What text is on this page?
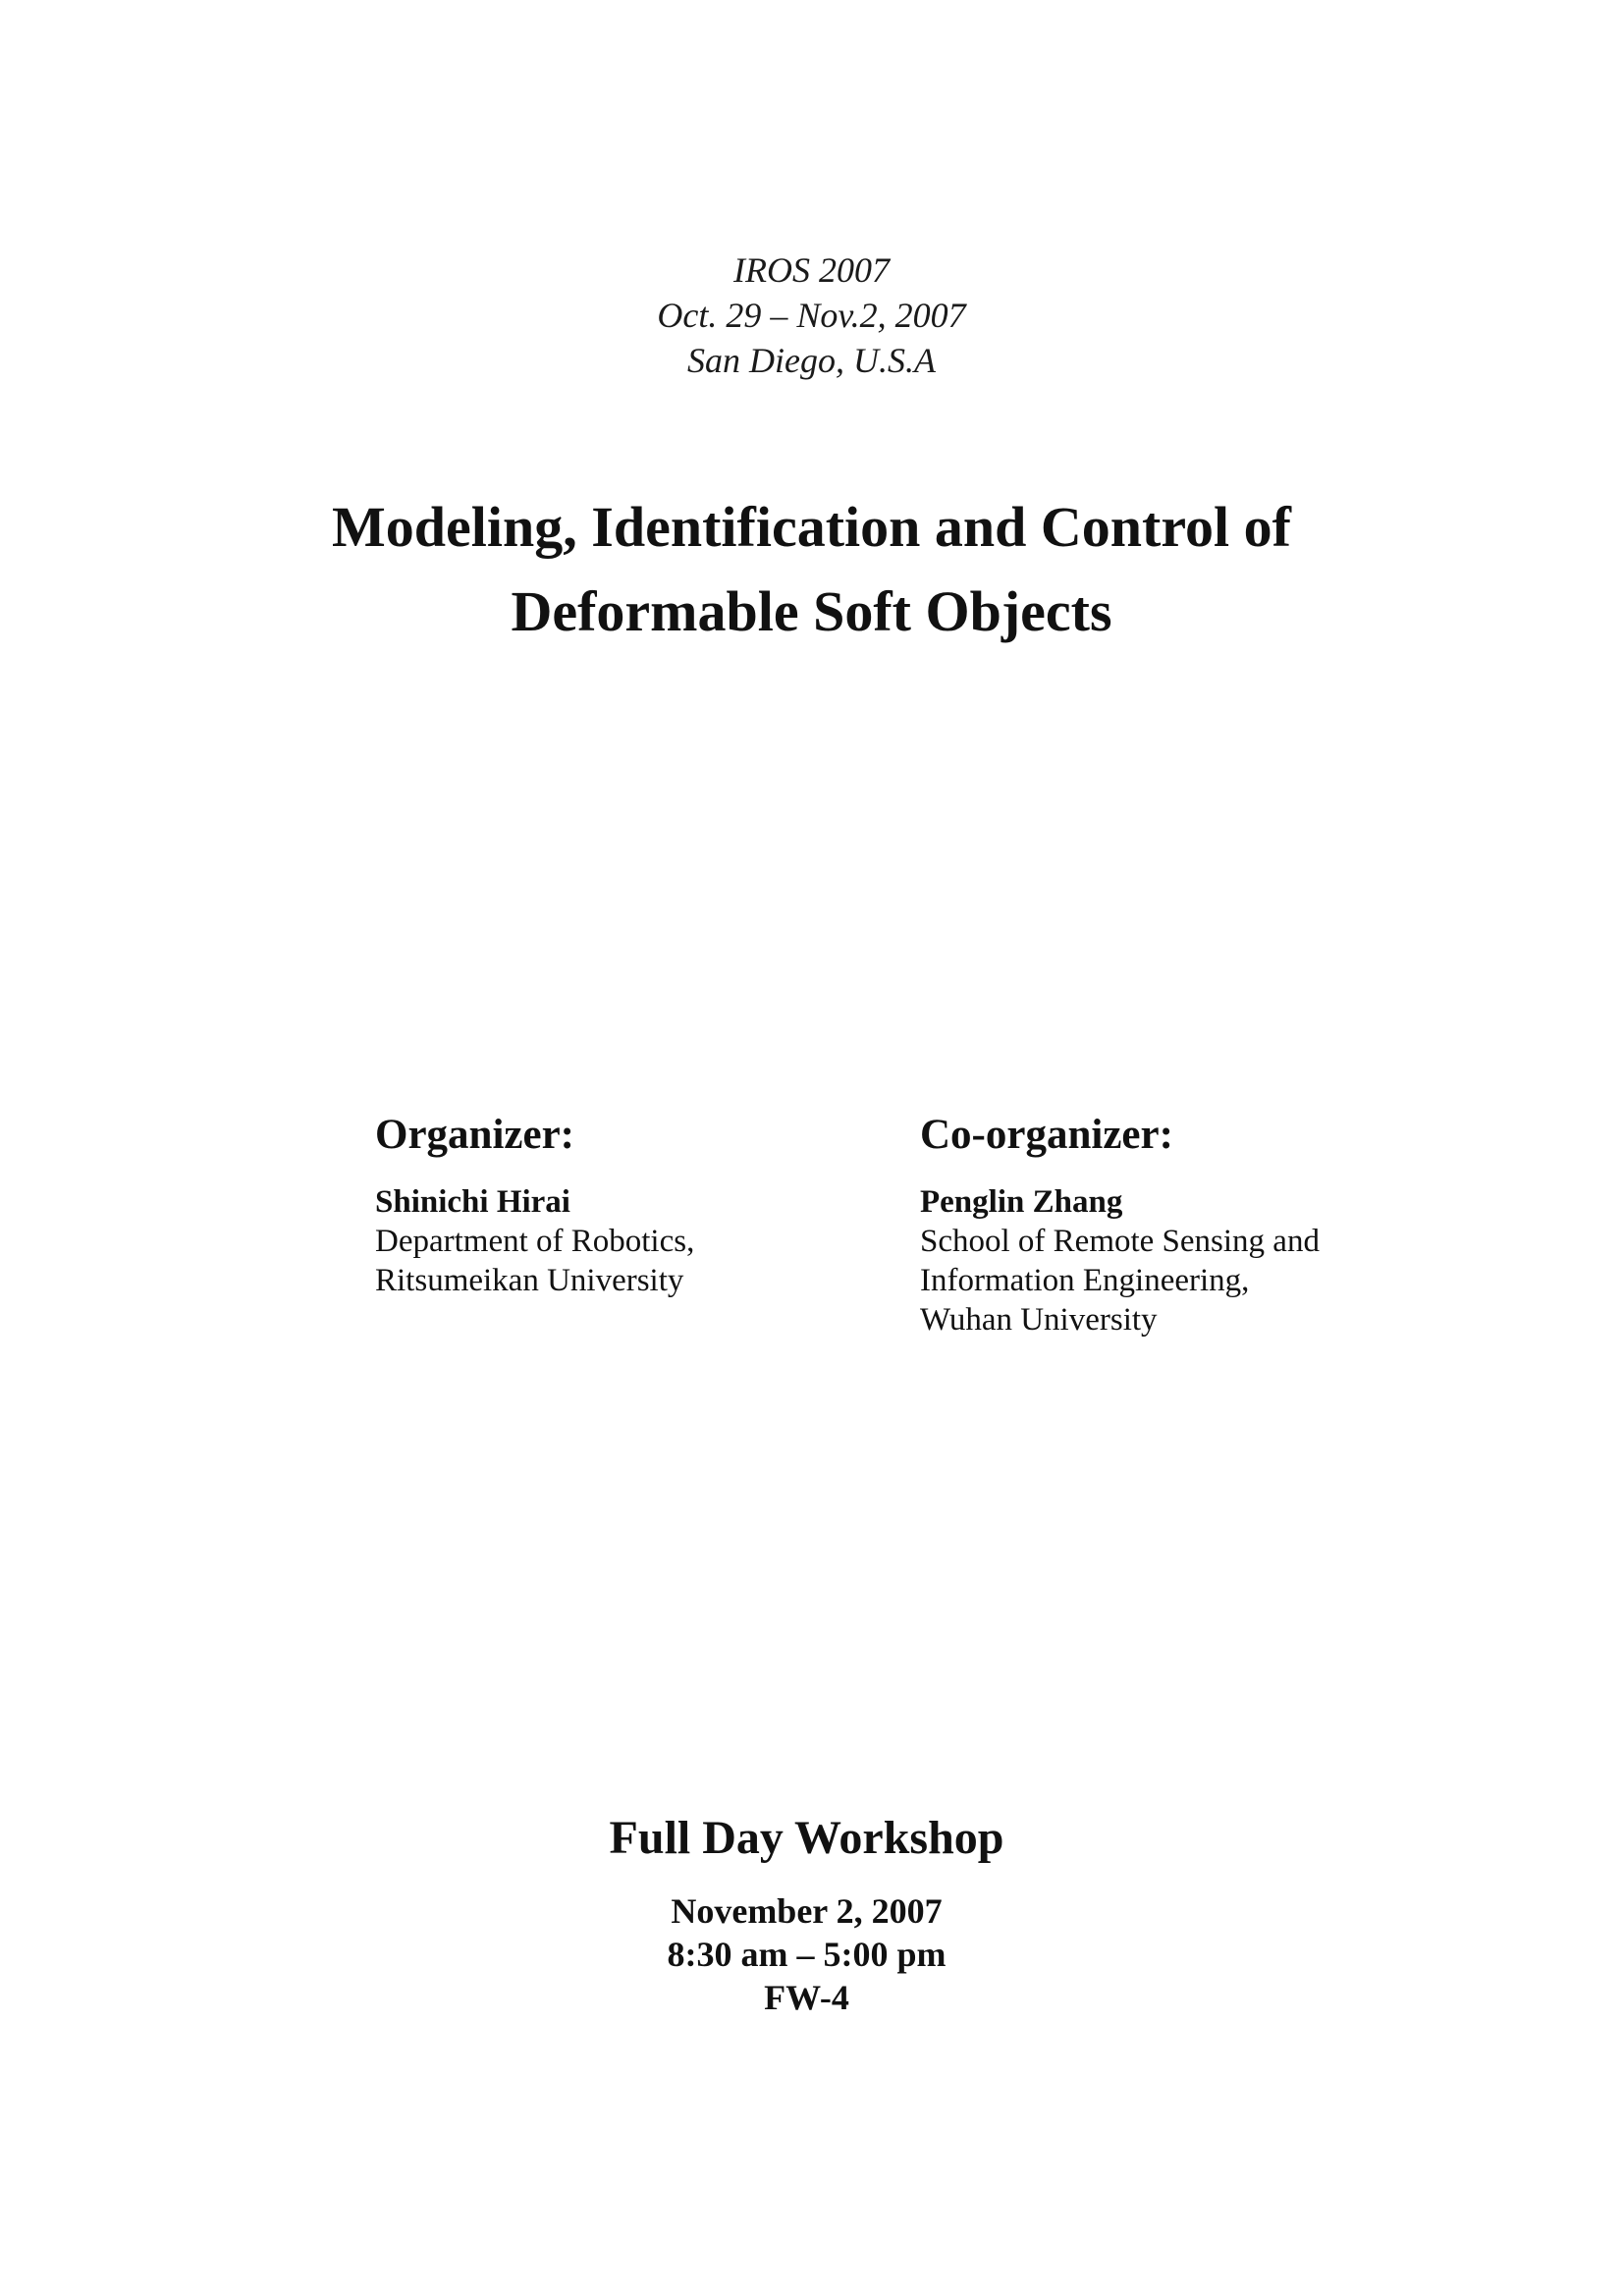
IROS 2007
Oct. 29 – Nov.2, 2007
San Diego, U.S.A
Modeling, Identification and Control of
Deformable Soft Objects
Organizer:
Shinichi Hirai
Department of Robotics,
Ritsumeikan University
Co-organizer:
Penglin Zhang
School of Remote Sensing and
Information Engineering,
Wuhan University
Full Day Workshop
November 2, 2007
8:30 am – 5:00 pm
FW-4
